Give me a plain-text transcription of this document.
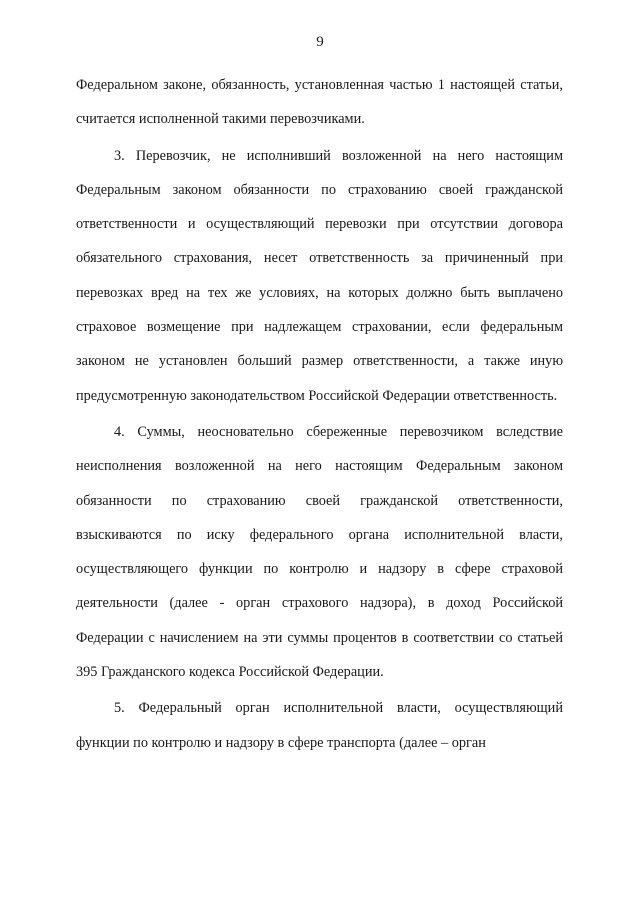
9

Федеральном законе, обязанность, установленная частью 1 настоящей статьи, считается исполненной такими перевозчиками.

3. Перевозчик, не исполнивший возложенной на него настоящим Федеральным законом обязанности по страхованию своей гражданской ответственности и осуществляющий перевозки при отсутствии договора обязательного страхования, несет ответственность за причиненный при перевозках вред на тех же условиях, на которых должно быть выплачено страховое возмещение при надлежащем страховании, если федеральным законом не установлен больший размер ответственности, а также иную предусмотренную законодательством Российской Федерации ответственность.

4. Суммы, неосновательно сбереженные перевозчиком вследствие неисполнения возложенной на него настоящим Федеральным законом обязанности по страхованию своей гражданской ответственности, взыскиваются по иску федерального органа исполнительной власти, осуществляющего функции по контролю и надзору в сфере страховой деятельности (далее - орган страхового надзора), в доход Российской Федерации с начислением на эти суммы процентов в соответствии со статьей 395 Гражданского кодекса Российской Федерации.

5. Федеральный орган исполнительной власти, осуществляющий функции по контролю и надзору в сфере транспорта (далее – орган
